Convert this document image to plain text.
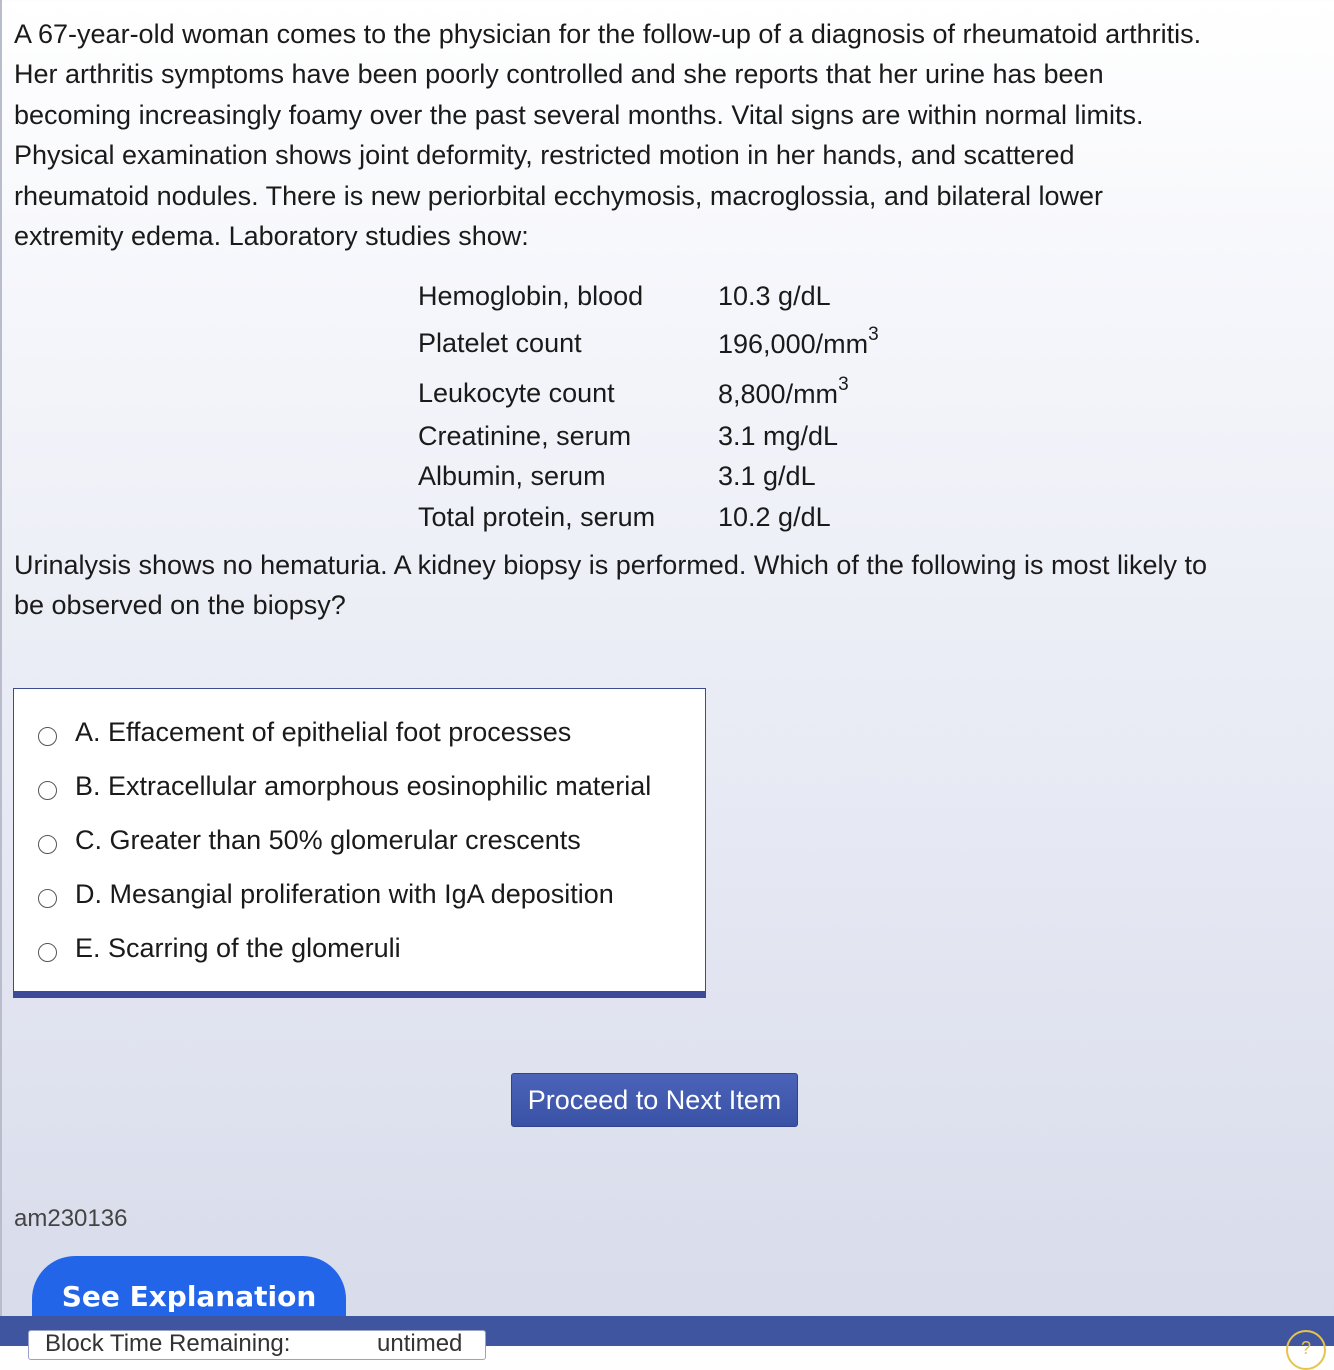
A 67-year-old woman comes to the physician for the follow-up of a diagnosis of rheumatoid arthritis. Her arthritis symptoms have been poorly controlled and she reports that her urine has been becoming increasingly foamy over the past several months. Vital signs are within normal limits. Physical examination shows joint deformity, restricted motion in her hands, and scattered rheumatoid nodules. There is new periorbital ecchymosis, macroglossia, and bilateral lower extremity edema. Laboratory studies show:

Hemoglobin, blood	10.3 g/dL
Platelet count	$196,000/mm^3$
Leukocyte count	$8,800/mm^3$
Creatinine, serum	3.1 mg/dL
Albumin, serum	3.1 g/dL
Total protein, serum	10.2 g/dL

Urinalysis shows no hematuria. A kidney biopsy is performed. Which of the following is most likely to be observed on the biopsy?

A. Effacement of epithelial foot processes
B. Extracellular amorphous eosinophilic material
C. Greater than 50% glomerular crescents
D. Mesangial proliferation with IgA deposition
E. Scarring of the glomeruli
Proceed to Next Item
am230136
See Explanation
Block Time Remaining:	untimed	?
